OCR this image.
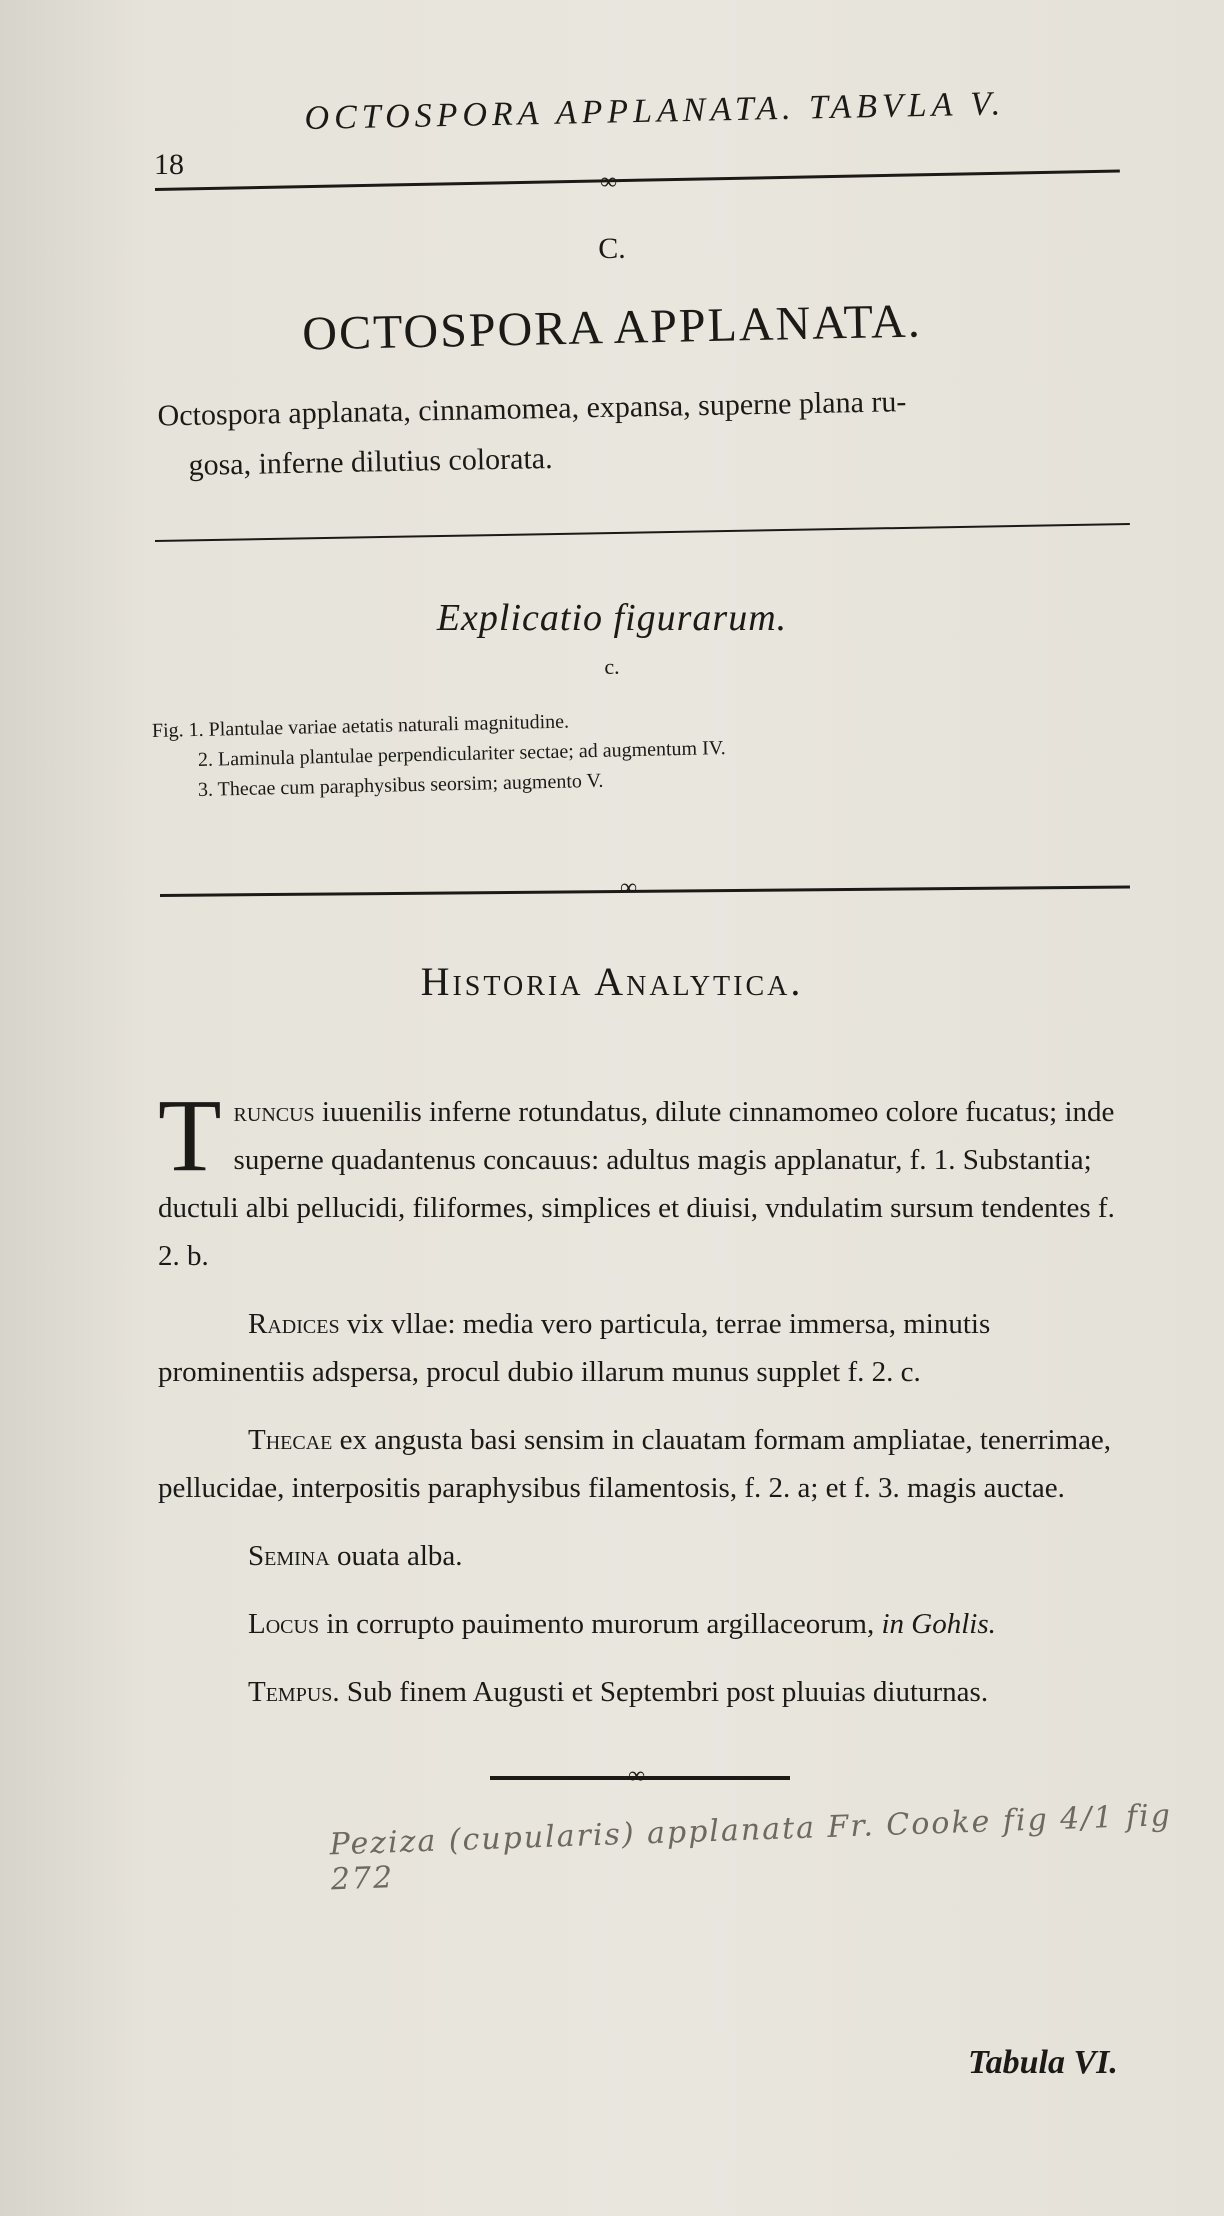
18
OCTOSPORA APPLANATA. TABVLA V.
∞
C.
OCTOSPORA APPLANATA.
Octospora applanata, cinnamomea, expansa, superne plana ru-
gosa, inferne dilutius colorata.
Explicatio figurarum.
c.
Fig. 1. Plantulae variae aetatis naturali magnitudine.
2. Laminula plantulae perpendiculariter sectae; ad augmentum IV.
3. Thecae cum paraphysibus seorsim; augmento V.
∞
Historia Analytica.

Truncus iuuenilis inferne rotundatus, dilute cinnamomeo colore fucatus; inde superne quadantenus concauus: adultus magis applanatur, f. 1. Substantia; ductuli albi pellucidi, filiformes, simplices et diuisi, vndulatim sursum tendentes f. 2. b.

Radices vix vllae: media vero particula, terrae immersa, minutis prominentiis adspersa, procul dubio illarum munus supplet f. 2. c.

Thecae ex angusta basi sensim in clauatam formam ampliatae, tenerrimae, pellucidae, interpositis paraphysibus filamentosis, f. 2. a; et f. 3. magis auctae.

Semina ouata alba.

Locus in corrupto pauimento murorum argillaceorum, in Gohlis.

Tempus. Sub finem Augusti et Septembri post pluuias diuturnas.

∞
Peziza (cupularis) applanata Fr. Cooke fig 4/1 fig 272
Tabula VI.
